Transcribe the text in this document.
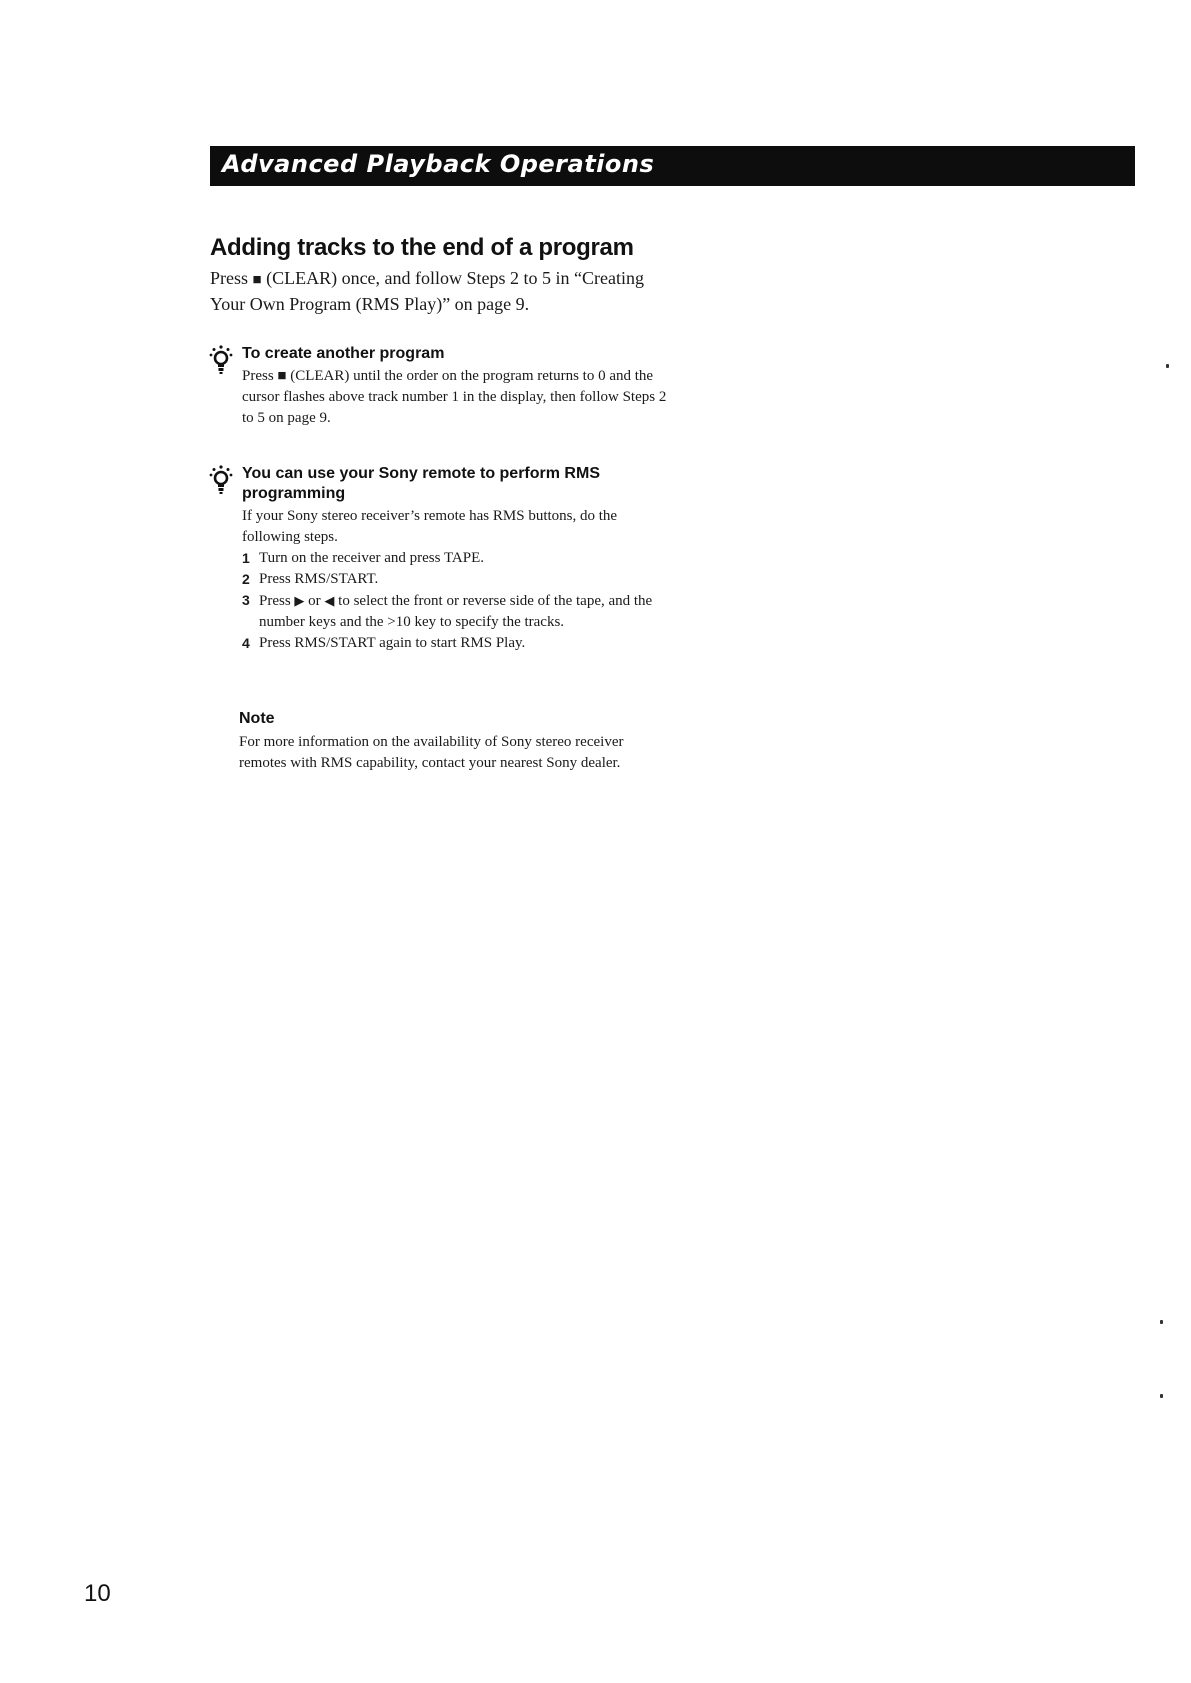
Advanced Playback Operations
Adding tracks to the end of a program

Press ■ (CLEAR) once, and follow Steps 2 to 5 in “Creating Your Own Program (RMS Play)” on page 9.

To create another program

Press ■ (CLEAR) until the order on the program returns to 0 and the cursor flashes above track number 1 in the display, then follow Steps 2 to 5 on page 9.

You can use your Sony remote to perform RMS programming

If your Sony stereo receiver’s remote has RMS buttons, do the following steps.

1 Turn on the receiver and press TAPE.
2 Press RMS/START.
3 Press ▶ or ◀ to select the front or reverse side of the tape, and the number keys and the >10 key to specify the tracks.
4 Press RMS/START again to start RMS Play.
Note

For more information on the availability of Sony stereo receiver remotes with RMS capability, contact your nearest Sony dealer.

10
